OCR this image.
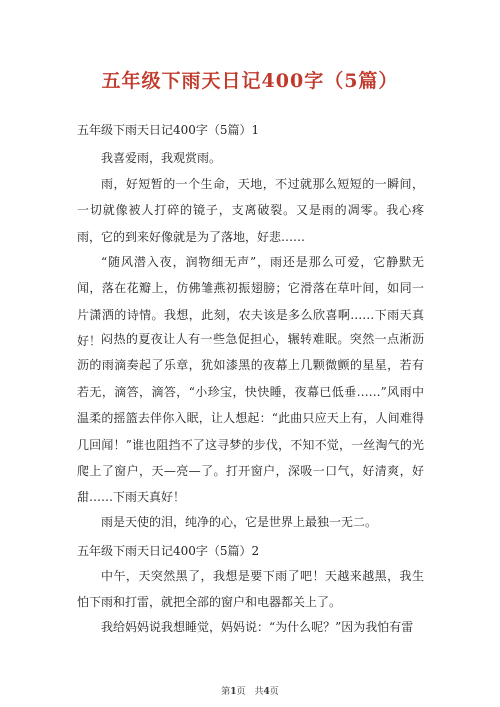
五年级下雨天日记400字（5篇）
五年级下雨天日记400字（5篇）1

我喜爱雨，我观赏雨。

雨，好短暂的一个生命，天地，不过就那么短短的一瞬间，一切就像被人打碎的镜子，支离破裂。又是雨的凋零。我心疼雨，它的到来好像就是为了落地，好悲……

“随风潜入夜，润物细无声”，雨还是那么可爱，它静默无闻，落在花瓣上，仿佛雏燕初振翅膀；它滑落在草叶间，如同一片潇洒的诗情。我想，此刻，农夫该是多么欣喜啊……下雨天真好！ 闷热的夏夜让人有一些急促担心，辗转难眠。突然一点淅沥沥的雨滴奏起了乐章，犹如漆黑的夜幕上几颗微颤的星星，若有若无，滴答，滴答，“小珍宝，快快睡，夜幕已低垂……”风雨中温柔的摇篮去伴你入眠，让人想起：“此曲只应天上有，人间难得几回闻！”谁也阻挡不了这寻梦的步伐，不知不觉，一丝淘气的光爬上了窗户，天—亮—了。打开窗户，深吸一口气，好清爽，好甜……下雨天真好！

雨是天使的泪，纯净的心，它是世界上最独一无二。

五年级下雨天日记400字（5篇）2

中午，天突然黑了，我想是要下雨了吧！天越来越黑，我生怕下雨和打雷，就把全部的窗户和电器都关上了。

我给妈妈说我想睡觉，妈妈说：“为什么呢？”因为我怕有雷

第1页　共4页
